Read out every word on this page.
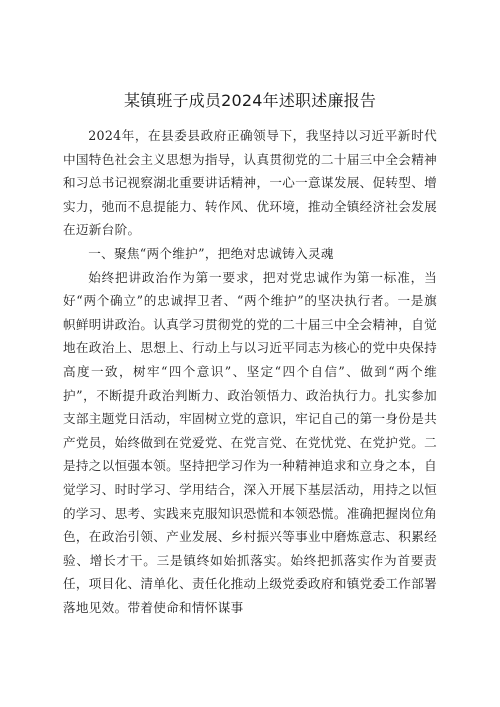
某镇班子成员2024年述职述廉报告

2024年，在县委县政府正确领导下，我坚持以习近平新时代中国特色社会主义思想为指导，认真贯彻党的二十届三中全会精神和习总书记视察湖北重要讲话精神，一心一意谋发展、促转型、增实力，弛而不息提能力、转作风、优环境，推动全镇经济社会发展在迈新台阶。

一、聚焦“两个维护”，把绝对忠诚铸入灵魂

始终把讲政治作为第一要求，把对党忠诚作为第一标准，当好“两个确立”的忠诚捍卫者、“两个维护”的坚决执行者。一是旗帜鲜明讲政治。认真学习贯彻党的党的二十届三中全会精神，自觉地在政治上、思想上、行动上与以习近平同志为核心的党中央保持高度一致，树牢“四个意识”、坚定“四个自信”、做到“两个维护”，不断提升政治判断力、政治领悟力、政治执行力。扎实参加支部主题党日活动，牢固树立党的意识，牢记自己的第一身份是共产党员，始终做到在党爱党、在党言党、在党忧党、在党护党。二是持之以恒强本领。坚持把学习作为一种精神追求和立身之本，自觉学习、时时学习、学用结合，深入开展下基层活动，用持之以恒的学习、思考、实践来克服知识恐慌和本领恐慌。准确把握岗位角色，在政治引领、产业发展、乡村振兴等事业中磨炼意志、积累经验、增长才干。三是镇终如始抓落实。始终把抓落实作为首要责任，项目化、清单化、责任化推动上级党委政府和镇党委工作部署落地见效。带着使命和情怀谋事
